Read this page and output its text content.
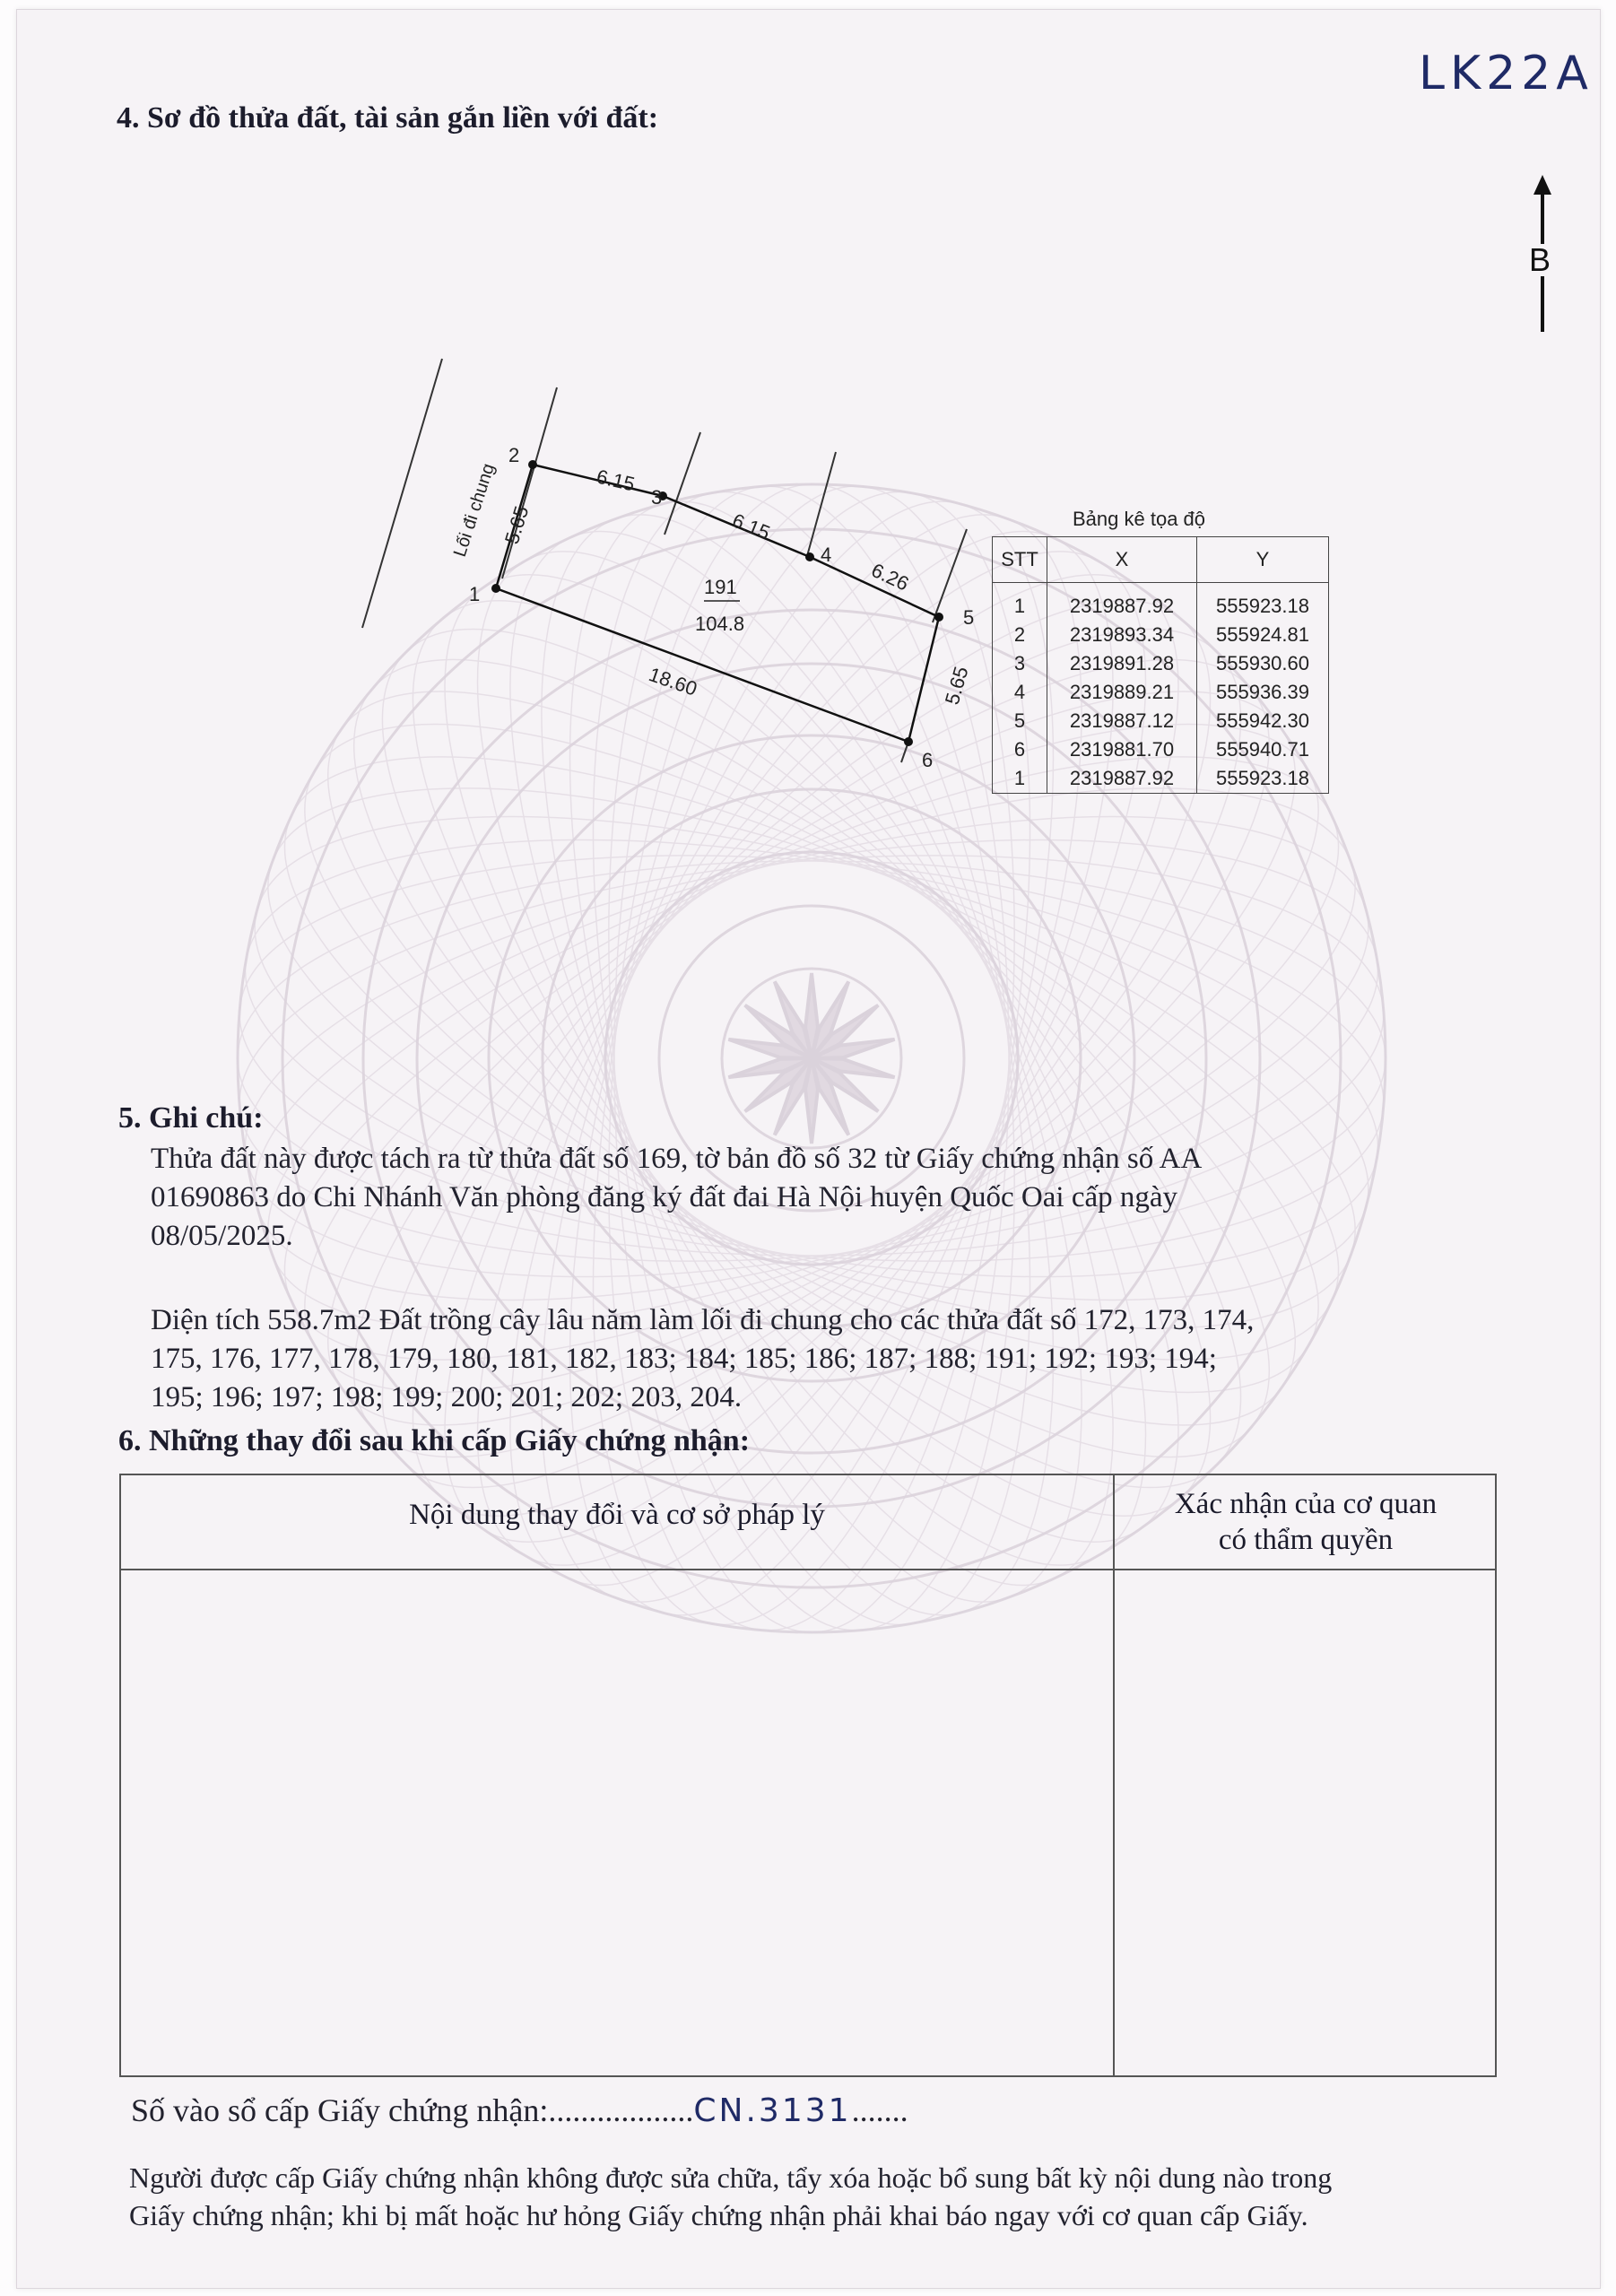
LK22A
B
4. Sơ đồ thửa đất, tài sản gắn liền với đất:
1
2
3
4
5
6
5.65
6.15
6.15
6.26
5.65
18.60
Lối đi chung
191
104.8
Bảng kê tọa độ
STT	X	Y
1	2319887.92	555923.18
2	2319893.34	555924.81
3	2319891.28	555930.60
4	2319889.21	555936.39
5	2319887.12	555942.30
6	2319881.70	555940.71
1	2319887.92	555923.18
5. Ghi chú:
Thửa đất này được tách ra từ thửa đất số 169, tờ bản đồ số 32 từ Giấy chứng nhận số AA
01690863 do Chi Nhánh Văn phòng đăng ký đất đai Hà Nội huyện Quốc Oai cấp ngày
08/05/2025.
Diện tích 558.7m2 Đất trồng cây lâu năm làm lối đi chung cho các thửa đất số 172, 173, 174,
175, 176, 177, 178, 179, 180, 181, 182, 183; 184; 185; 186; 187; 188; 191; 192; 193; 194;
195; 196; 197; 198; 199; 200; 201; 202; 203, 204.
6. Những thay đổi sau khi cấp Giấy chứng nhận:
Nội dung thay đổi và cơ sở pháp lý	Xác nhận của cơ quan
có thẩm quyền
Số vào sổ cấp Giấy chứng nhận:..................CN.3131.......
Người được cấp Giấy chứng nhận không được sửa chữa, tẩy xóa hoặc bổ sung bất kỳ nội dung nào trong
Giấy chứng nhận; khi bị mất hoặc hư hỏng Giấy chứng nhận phải khai báo ngay với cơ quan cấp Giấy.
